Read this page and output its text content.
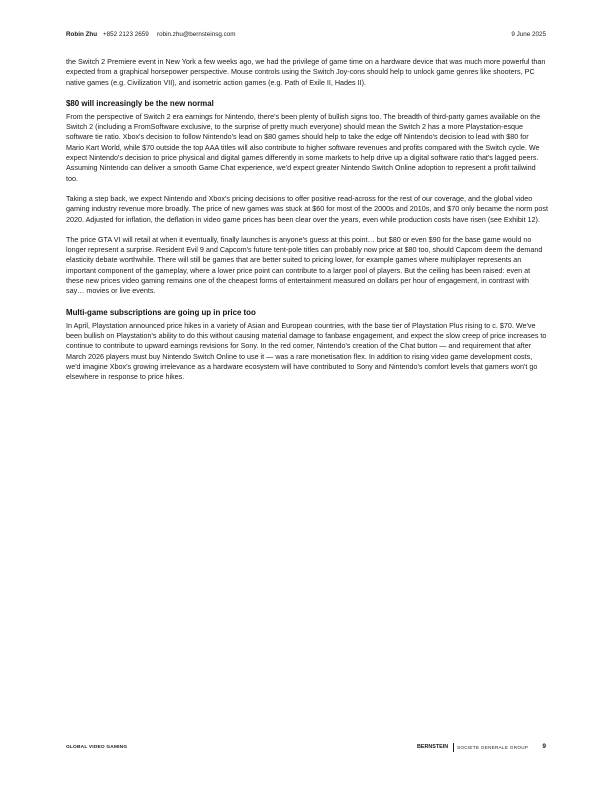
Robin Zhu +852 2123 2659 robin.zhu@bernsteinsg.com	9 June 2025

the Switch 2 Premiere event in New York a few weeks ago, we had the privilege of game time on a hardware device that was much more powerful than expected from a graphical horsepower perspective. Mouse controls using the Switch Joy-cons should help to unlock game genres like shooters, PC native games (e.g. Civilization VII), and isometric action games (e.g. Path of Exile II, Hades II).

$80 will increasingly be the new normal

From the perspective of Switch 2 era earnings for Nintendo, there's been plenty of bullish signs too. The breadth of third-party games available on the Switch 2 (including a FromSoftware exclusive, to the surprise of pretty much everyone) should mean the Switch 2 has a more Playstation-esque software tie ratio. Xbox's decision to follow Nintendo's lead on $80 games should help to take the edge off Nintendo's decision to lead with $80 for Mario Kart World, while $70 outside the top AAA titles will also contribute to higher software revenues and profits compared with the Switch cycle. We expect Nintendo's decision to price physical and digital games differently in some markets to help drive up a digital software ratio that's lagged peers. Assuming Nintendo can deliver a smooth Game Chat experience, we'd expect greater Nintendo Switch Online adoption to represent a profit tailwind too.

Taking a step back, we expect Nintendo and Xbox's pricing decisions to offer positive read-across for the rest of our coverage, and the global video gaming industry revenue more broadly. The price of new games was stuck at $60 for most of the 2000s and 2010s, and $70 only became the norm post 2020. Adjusted for inflation, the deflation in video game prices has been clear over the years, even while production costs have risen (see Exhibit 12).

The price GTA VI will retail at when it eventually, finally launches is anyone's guess at this point… but $80 or even $90 for the base game would no longer represent a surprise. Resident Evil 9 and Capcom's future tent-pole titles can probably now price at $80 too, should Capcom deem the demand elasticity debate worthwhile. There will still be games that are better suited to pricing lower, for example games where multiplayer represents an important component of the gameplay, where a lower price point can contribute to a larger pool of players. But the ceiling has been raised: even at these new prices video gaming remains one of the cheapest forms of entertainment measured on dollars per hour of engagement, in contrast with say… movies or live events.

Multi-game subscriptions are going up in price too

In April, Playstation announced price hikes in a variety of Asian and European countries, with the base tier of Playstation Plus rising to c. $70. We've been bullish on Playstation's ability to do this without causing material damage to fanbase engagement, and expect the slow creep of price increases to continue to contribute to upward earnings revisions for Sony. In the red corner, Nintendo's creation of the Chat button — and requirement that after March 2026 players must buy Nintendo Switch Online to use it — was a rare monetisation flex. In addition to rising video game development costs, we'd imagine Xbox's growing irrelevance as a hardware ecosystem will have contributed to Sony and Nintendo's comfort levels that gamers won't go elsewhere in response to price hikes.

GLOBAL VIDEO GAMING	BERNSTEIN SOCIETE GENERALE GROUP 9
